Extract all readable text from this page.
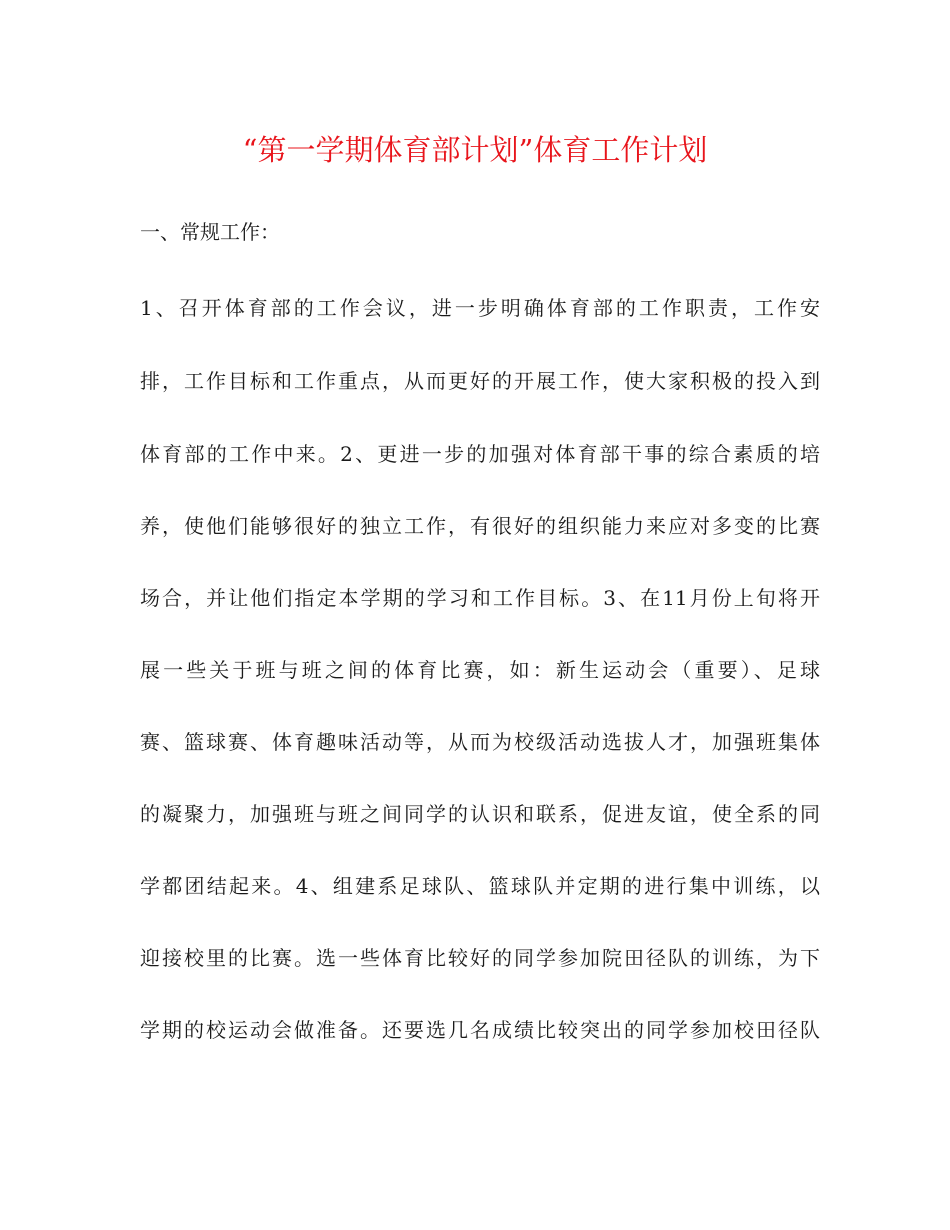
“第一学期体育部计划”体育工作计划
一、常规工作：
1、召开体育部的工作会议，进一步明确体育部的工作职责，工作安
排，工作目标和工作重点，从而更好的开展工作，使大家积极的投入到
体育部的工作中来。2、更进一步的加强对体育部干事的综合素质的培
养，使他们能够很好的独立工作，有很好的组织能力来应对多变的比赛
场合，并让他们指定本学期的学习和工作目标。3、在11月份上旬将开
展一些关于班与班之间的体育比赛，如：新生运动会（重要）、足球
赛、篮球赛、体育趣味活动等，从而为校级活动选拔人才，加强班集体
的凝聚力，加强班与班之间同学的认识和联系，促进友谊，使全系的同
学都团结起来。4、组建系足球队、篮球队并定期的进行集中训练，以
迎接校里的比赛。选一些体育比较好的同学参加院田径队的训练，为下
学期的校运动会做准备。还要选几名成绩比较突出的同学参加校田径队
